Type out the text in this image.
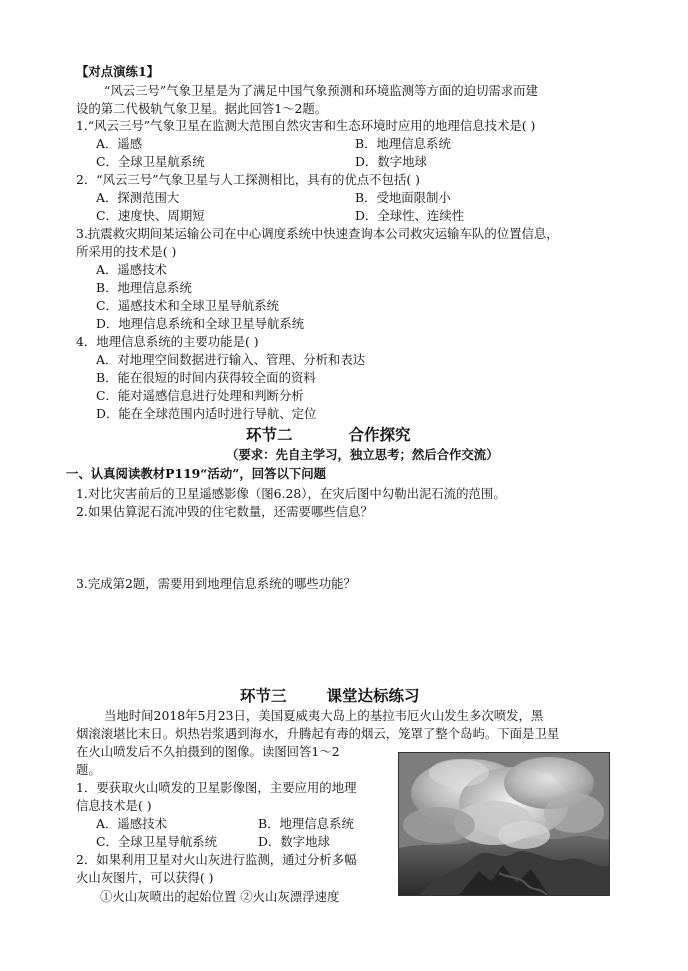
【对点演练1】
“风云三号”气象卫星是为了满足中国气象预测和环境监测等方面的迫切需求而建
设的第二代极轨气象卫星。据此回答1～2题。
1.“风云三号”气象卫星在监测大范围自然灾害和生态环境时应用的地理信息技术是( )
A．遥感	B．地理信息系统
C．全球卫星航系统	D．数字地球
2．“风云三号”气象卫星与人工探测相比，具有的优点不包括( )
A．探测范围大	B．受地面限制小
C．速度快、周期短	D．全球性、连续性
3.抗震救灾期间某运输公司在中心调度系统中快速查询本公司救灾运输车队的位置信息，
所采用的技术是( )
A．遥感技术
B．地理信息系统
C．遥感技术和全球卫星导航系统
D．地理信息系统和全球卫星导航系统
4．地理信息系统的主要功能是( )
A．对地理空间数据进行输入、管理、分析和表达
B．能在很短的时间内获得较全面的资料
C．能对遥感信息进行处理和判断分析
D．能在全球范围内适时进行导航、定位
环节二	合作探究
（要求：先自主学习，独立思考；然后合作交流）
一、认真阅读教材P119“活动”，回答以下问题
1.对比灾害前后的卫星遥感影像（图6.28），在灾后图中勾勒出泥石流的范围。
2.如果估算泥石流冲毁的住宅数量，还需要哪些信息？
3.完成第2题，需要用到地理信息系统的哪些功能？
环节三	课堂达标练习
当地时间2018年5月23日，美国夏威夷大岛上的基拉韦厄火山发生多次喷发，黑
烟滚滚堪比末日。炽热岩浆遇到海水，升腾起有毒的烟云，笼罩了整个岛屿。下面是卫星
在火山喷发后不久拍摄到的图像。读图回答1～2
题。
1．要获取火山喷发的卫星影像图，主要应用的地理
信息技术是( )
A．遥感技术	B．地理信息系统
C．全球卫星导航系统	D．数字地球
2．如果利用卫星对火山灰进行监测，通过分析多幅
火山灰图片，可以获得( )
①火山灰喷出的起始位置 ②火山灰漂浮速度
